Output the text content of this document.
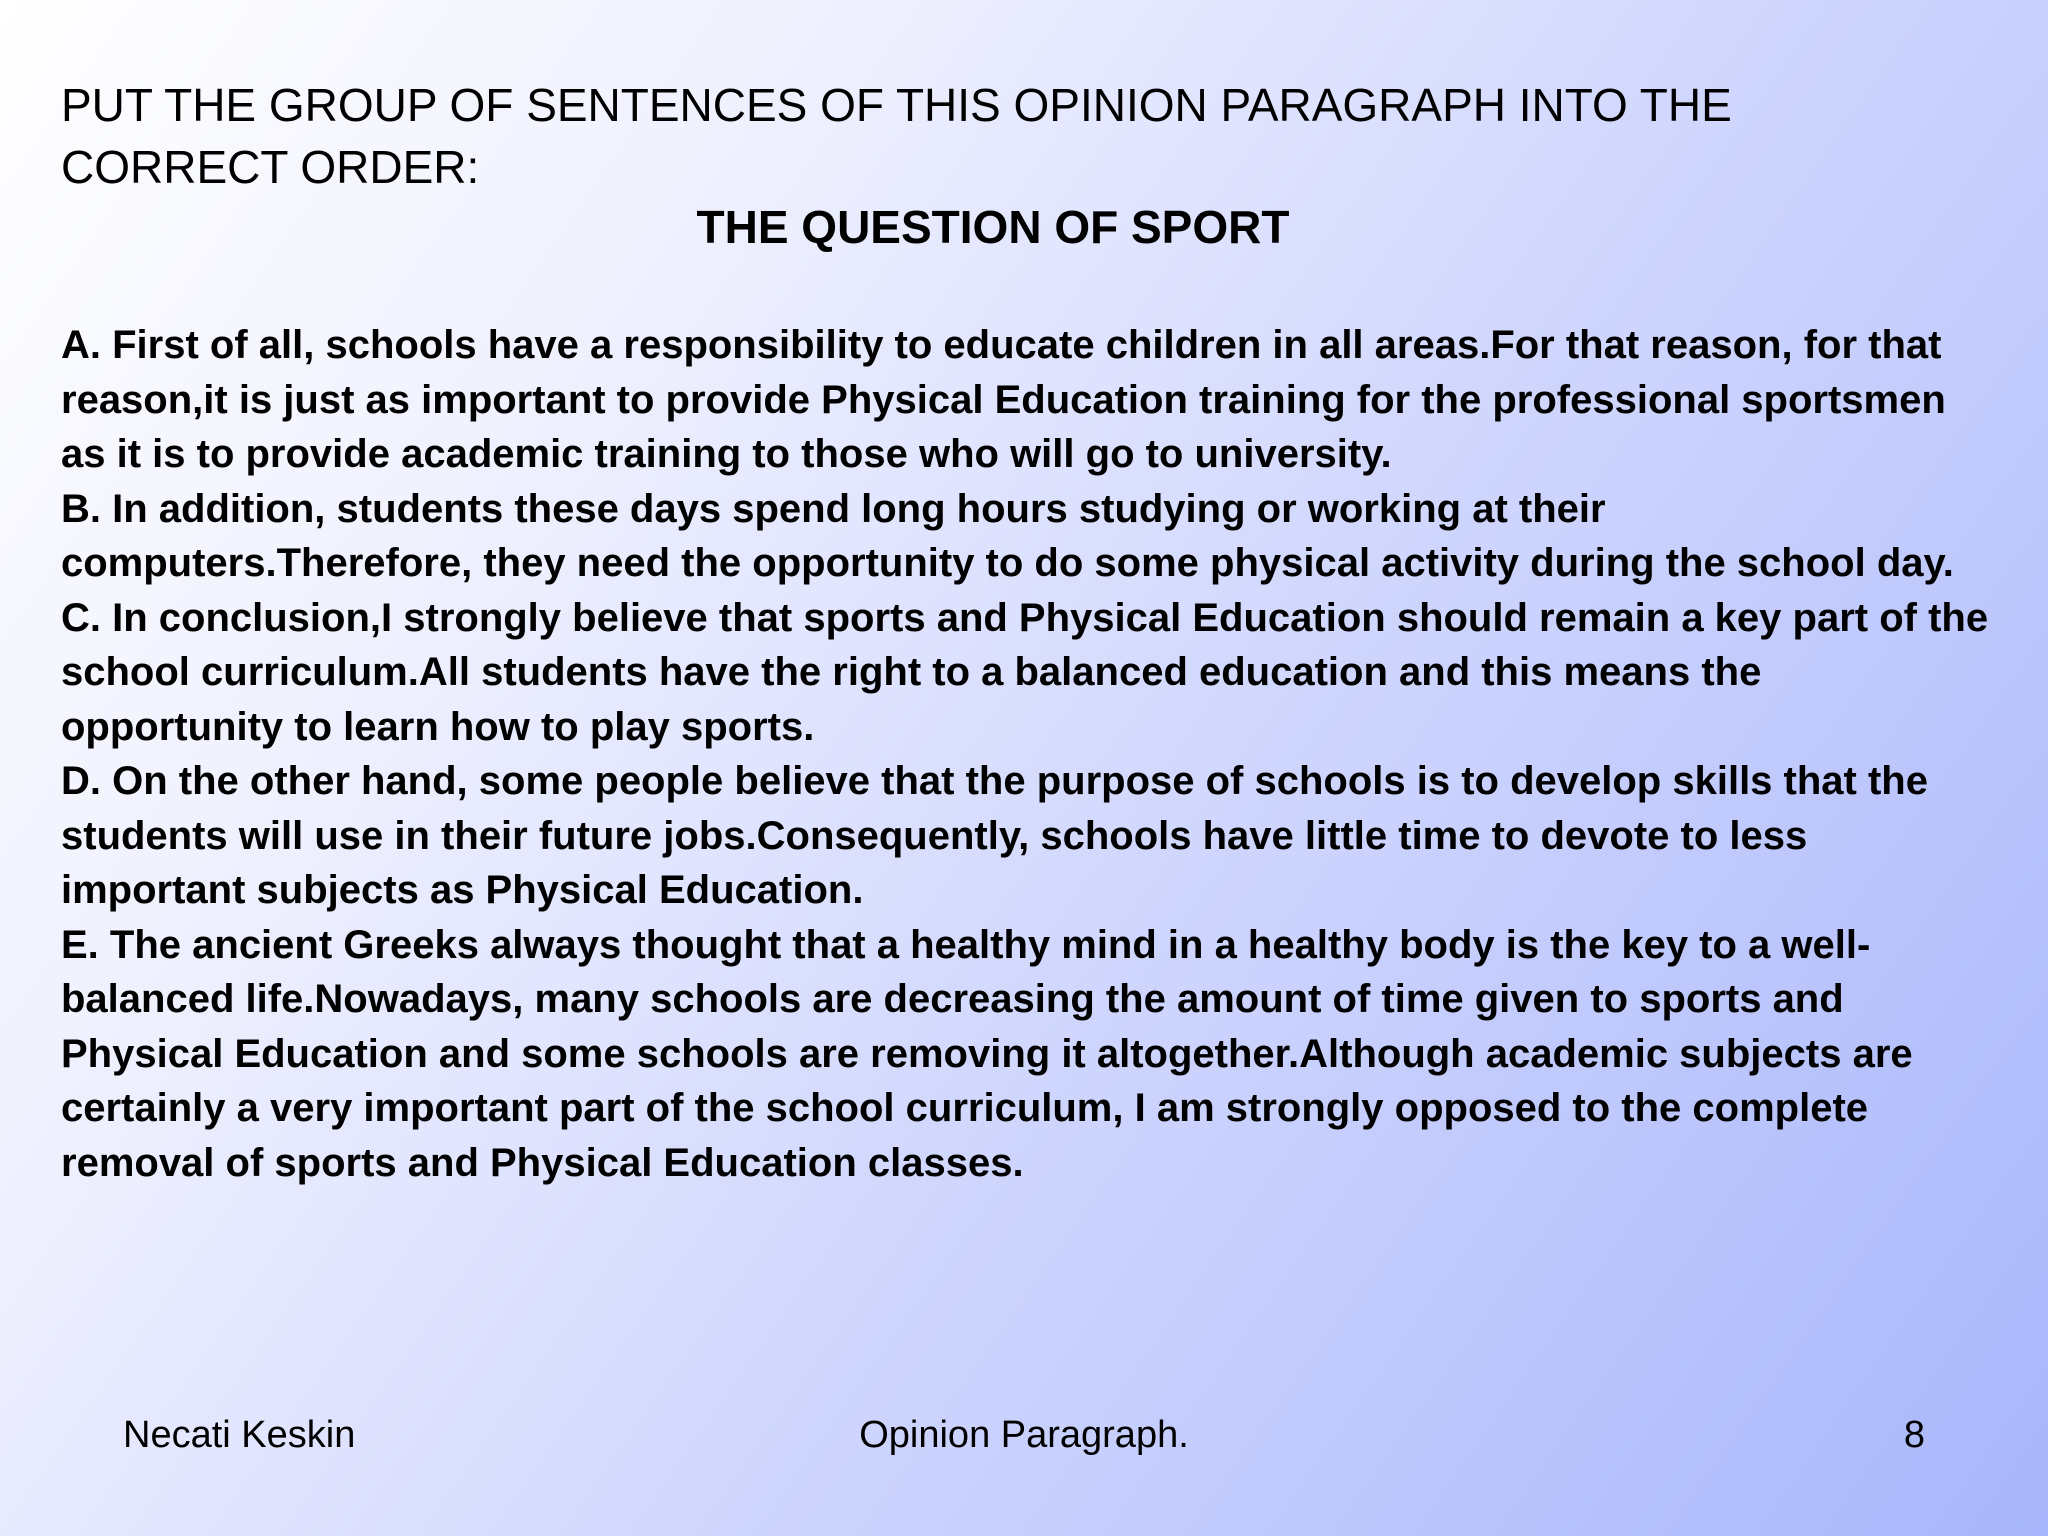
PUT THE GROUP OF SENTENCES OF THIS OPINION PARAGRAPH INTO THE CORRECT ORDER:

THE QUESTION OF SPORT
A. First of all, schools have a responsibility to educate children in all areas.For that reason, for that reason,it is just as important to provide Physical Education training for the professional sportsmen as it is to provide academic training to those who will go to university.
B. In addition, students these days spend long hours studying or working at their computers.Therefore, they need the opportunity to do some physical activity during the school day.
C. In conclusion,I strongly believe that sports and Physical Education should remain a key part of the school curriculum.All students have the right to a balanced education and this means the opportunity to learn how to play sports.
D. On the other hand, some people believe that the purpose of schools is to develop skills that the students will use in their future jobs.Consequently, schools have little time to devote to less important subjects as Physical Education.
E. The ancient Greeks always thought that a healthy mind in a healthy body is the key to a well-balanced life.Nowadays, many schools are decreasing the amount of time given to sports and Physical Education and some schools are removing it altogether.Although academic subjects are certainly a very important part of the school curriculum, I am strongly opposed to the complete removal of sports and Physical Education classes.
Opinion Paragraph.
Necati Keskin	8
